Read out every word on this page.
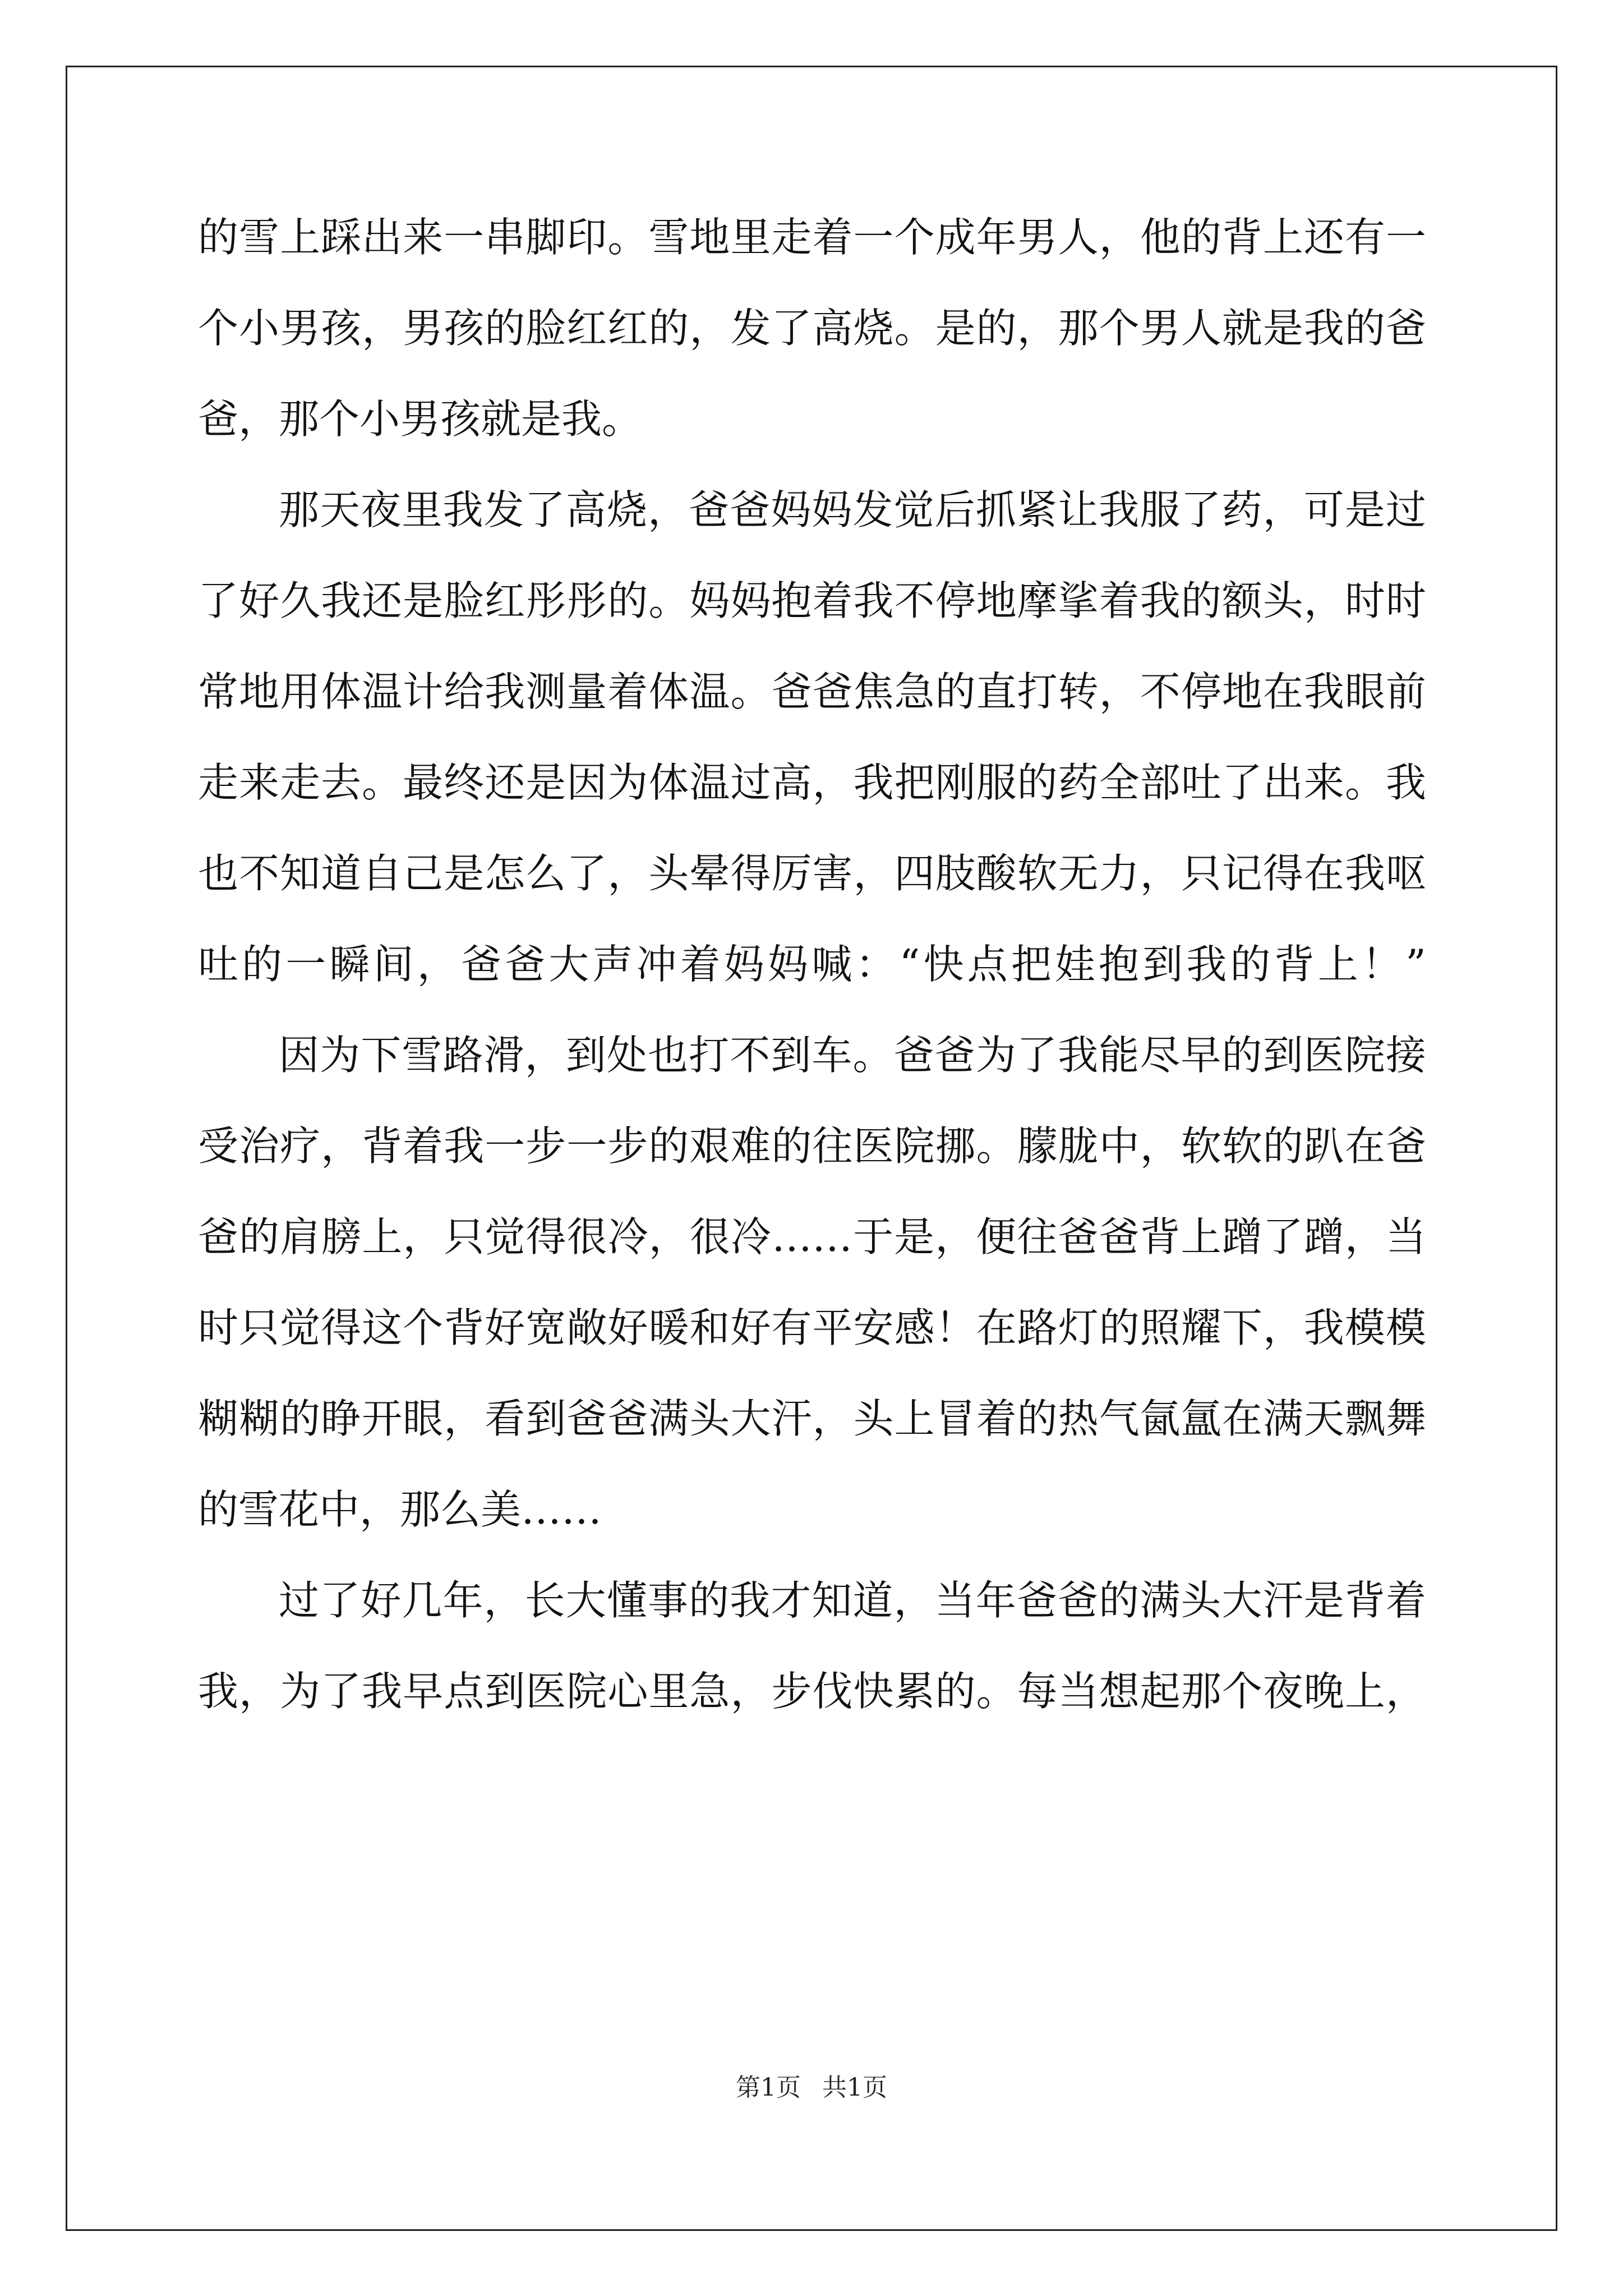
的雪上踩出来一串脚印。雪地里走着一个成年男人，他的背上还有一
个小男孩，男孩的脸红红的，发了高烧。是的，那个男人就是我的爸
爸，那个小男孩就是我。
那天夜里我发了高烧，爸爸妈妈发觉后抓紧让我服了药，可是过
了好久我还是脸红彤彤的。妈妈抱着我不停地摩挲着我的额头，时时
常地用体温计给我测量着体温。爸爸焦急的直打转，不停地在我眼前
走来走去。最终还是因为体温过高，我把刚服的药全部吐了出来。我
也不知道自己是怎么了，头晕得厉害，四肢酸软无力，只记得在我呕
吐的一瞬间，爸爸大声冲着妈妈喊：“快点把娃抱到我的背上！”
因为下雪路滑，到处也打不到车。爸爸为了我能尽早的到医院接
受治疗，背着我一步一步的艰难的往医院挪。朦胧中，软软的趴在爸
爸的肩膀上，只觉得很冷，很冷……于是，便往爸爸背上蹭了蹭，当
时只觉得这个背好宽敞好暖和好有平安感！在路灯的照耀下，我模模
糊糊的睁开眼，看到爸爸满头大汗，头上冒着的热气氤氲在满天飘舞
的雪花中，那么美……
过了好几年，长大懂事的我才知道，当年爸爸的满头大汗是背着
我，为了我早点到医院心里急，步伐快累的。每当想起那个夜晚上，
第1页 共1页
